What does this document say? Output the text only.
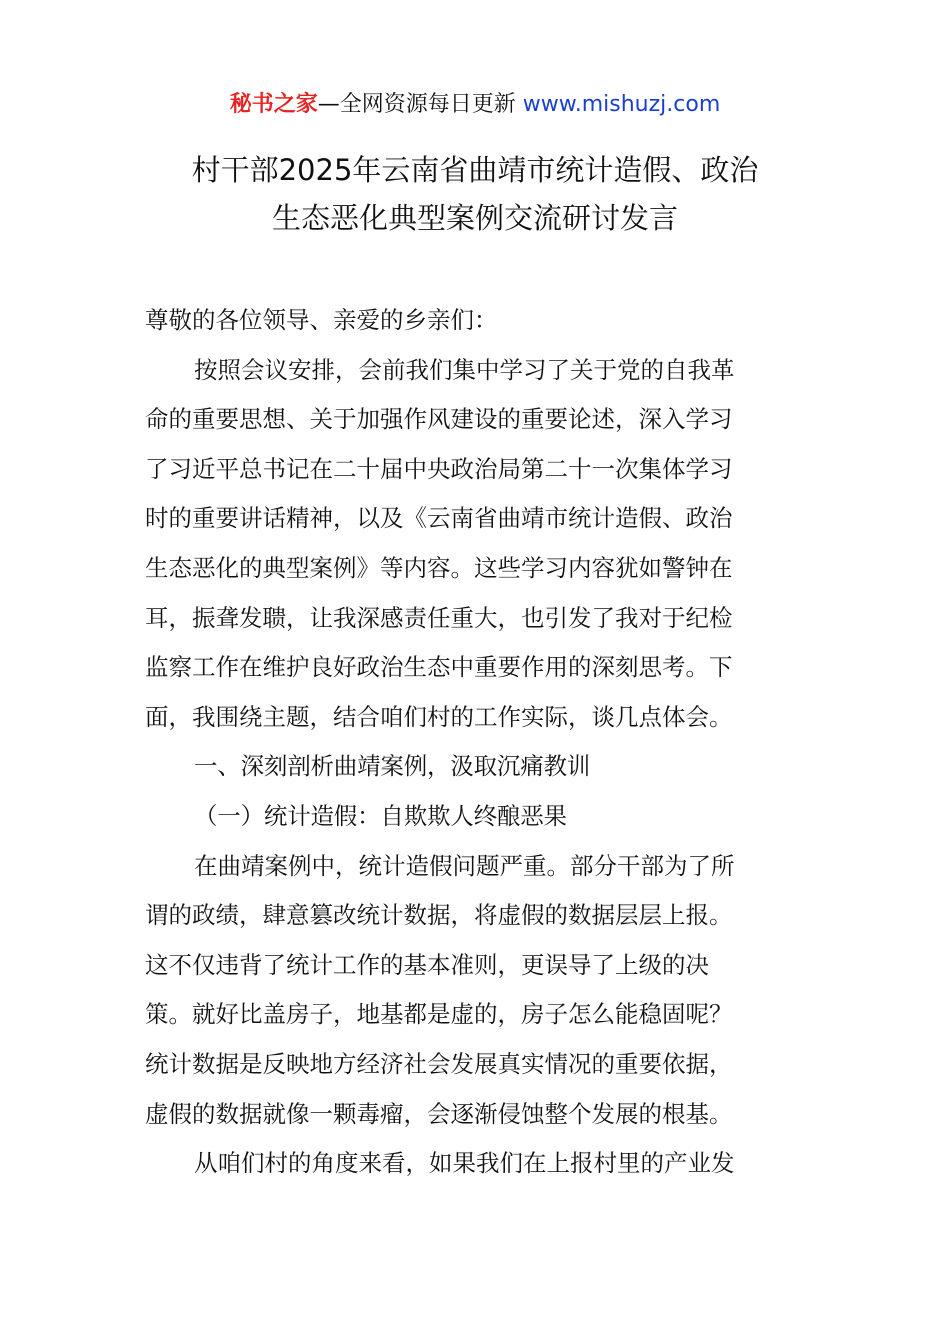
秘书之家—全网资源每日更新 www.mishuzj.com
村干部2025年云南省曲靖市统计造假、政治
生态恶化典型案例交流研讨发言
尊敬的各位领导、亲爱的乡亲们：
按照会议安排，会前我们集中学习了关于党的自我革
命的重要思想、关于加强作风建设的重要论述，深入学习
了习近平总书记在二十届中央政治局第二十一次集体学习
时的重要讲话精神，以及《云南省曲靖市统计造假、政治
生态恶化的典型案例》等内容。这些学习内容犹如警钟在
耳，振聋发聩，让我深感责任重大，也引发了我对于纪检
监察工作在维护良好政治生态中重要作用的深刻思考。下
面，我围绕主题，结合咱们村的工作实际，谈几点体会。
一、深刻剖析曲靖案例，汲取沉痛教训
（一）统计造假：自欺欺人终酿恶果
在曲靖案例中，统计造假问题严重。部分干部为了所
谓的政绩，肆意篡改统计数据，将虚假的数据层层上报。
这不仅违背了统计工作的基本准则，更误导了上级的决
策。就好比盖房子，地基都是虚的，房子怎么能稳固呢？
统计数据是反映地方经济社会发展真实情况的重要依据，
虚假的数据就像一颗毒瘤，会逐渐侵蚀整个发展的根基。
从咱们村的角度来看，如果我们在上报村里的产业发
